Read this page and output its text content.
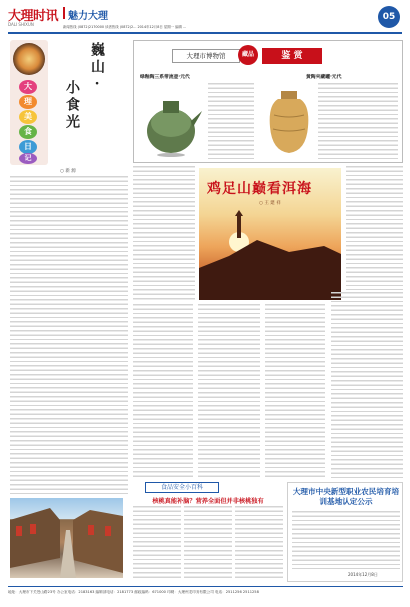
大理时讯
DALI SHIXUN
魅力大理
新闻热线 (0872)2170000 读者热线 (0872)2... 2014年12月8日 星期一 编辑 ...
05
大
理
美
食
日
记
巍山·
小食光
○ 新 源
大理市博物馆	藏品	鉴 赏
绿釉陶三系带流壶·元代	黄陶夹藏罐·元代
鸡足山巅看洱海
○ 王 建 祥
食品安全小百科
核桃真能补脑？营养全面但并非核桃独有
大理市中央新型职业农民培育培训基地认定公示
2014年12月8日
地址：大理市下关苍山路23号 办公室电话：2183163 编辑部电话：2181773 邮政编码：671000 印刷：大理州龙印务有限公司 电话：2511256 2511258
